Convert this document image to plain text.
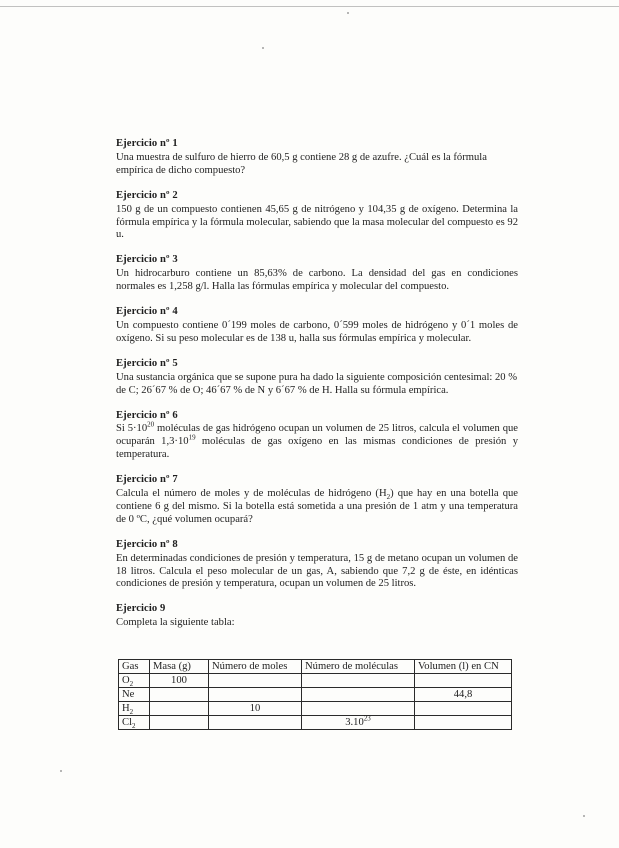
Ejercicio nº 1
Una muestra de sulfuro de hierro de 60,5 g contiene 28 g de azufre. ¿Cuál es la fórmula empírica de dicho compuesto?
Ejercicio nº 2
150 g de un compuesto contienen 45,65 g de nitrógeno y 104,35 g de oxígeno. Determina la fórmula empírica y la fórmula molecular, sabiendo que la masa molecular del compuesto es 92 u.
Ejercicio nº 3
Un hidrocarburo contiene un 85,63% de carbono. La densidad del gas en condiciones normales es 1,258 g/l. Halla las fórmulas empírica y molecular del compuesto.
Ejercicio nº 4
Un compuesto contiene 0´199 moles de carbono, 0´599 moles de hidrógeno y 0´1 moles de oxígeno. Si su peso molecular es de 138 u, halla sus fórmulas empírica y molecular.
Ejercicio nº 5
Una sustancia orgánica que se supone pura ha dado la siguiente composición centesimal: 20 % de C; 26´67 % de O; 46´67 % de N y 6´67 % de H. Halla su fórmula empírica.
Ejercicio nº 6
Si $5\cdot 10^{20}$ moléculas de gas hidrógeno ocupan un volumen de 25 litros, calcula el volumen que ocuparán $1,3\cdot 10^{19}$ moléculas de gas oxígeno en las mismas condiciones de presión y temperatura.
Ejercicio nº 7
Calcula el número de moles y de moléculas de hidrógeno $(H_2)$ que hay en una botella que contiene 6 g del mismo. Si la botella está sometida a una presión de 1 atm y una temperatura de 0 ºC, ¿qué volumen ocupará?
Ejercicio nº 8
En determinadas condiciones de presión y temperatura, 15 g de metano ocupan un volumen de 18 litros. Calcula el peso molecular de un gas, A, sabiendo que 7,2 g de éste, en idénticas condiciones de presión y temperatura, ocupan un volumen de 25 litros.
Ejercicio 9
Completa la siguiente tabla:
Gas	Masa (g)	Número de moles	Número de moléculas	Volumen (l) en CN
$O_2$	100			
Ne				44,8
$H_2$		10		
$Cl_2$			3.10$^{23}$	
